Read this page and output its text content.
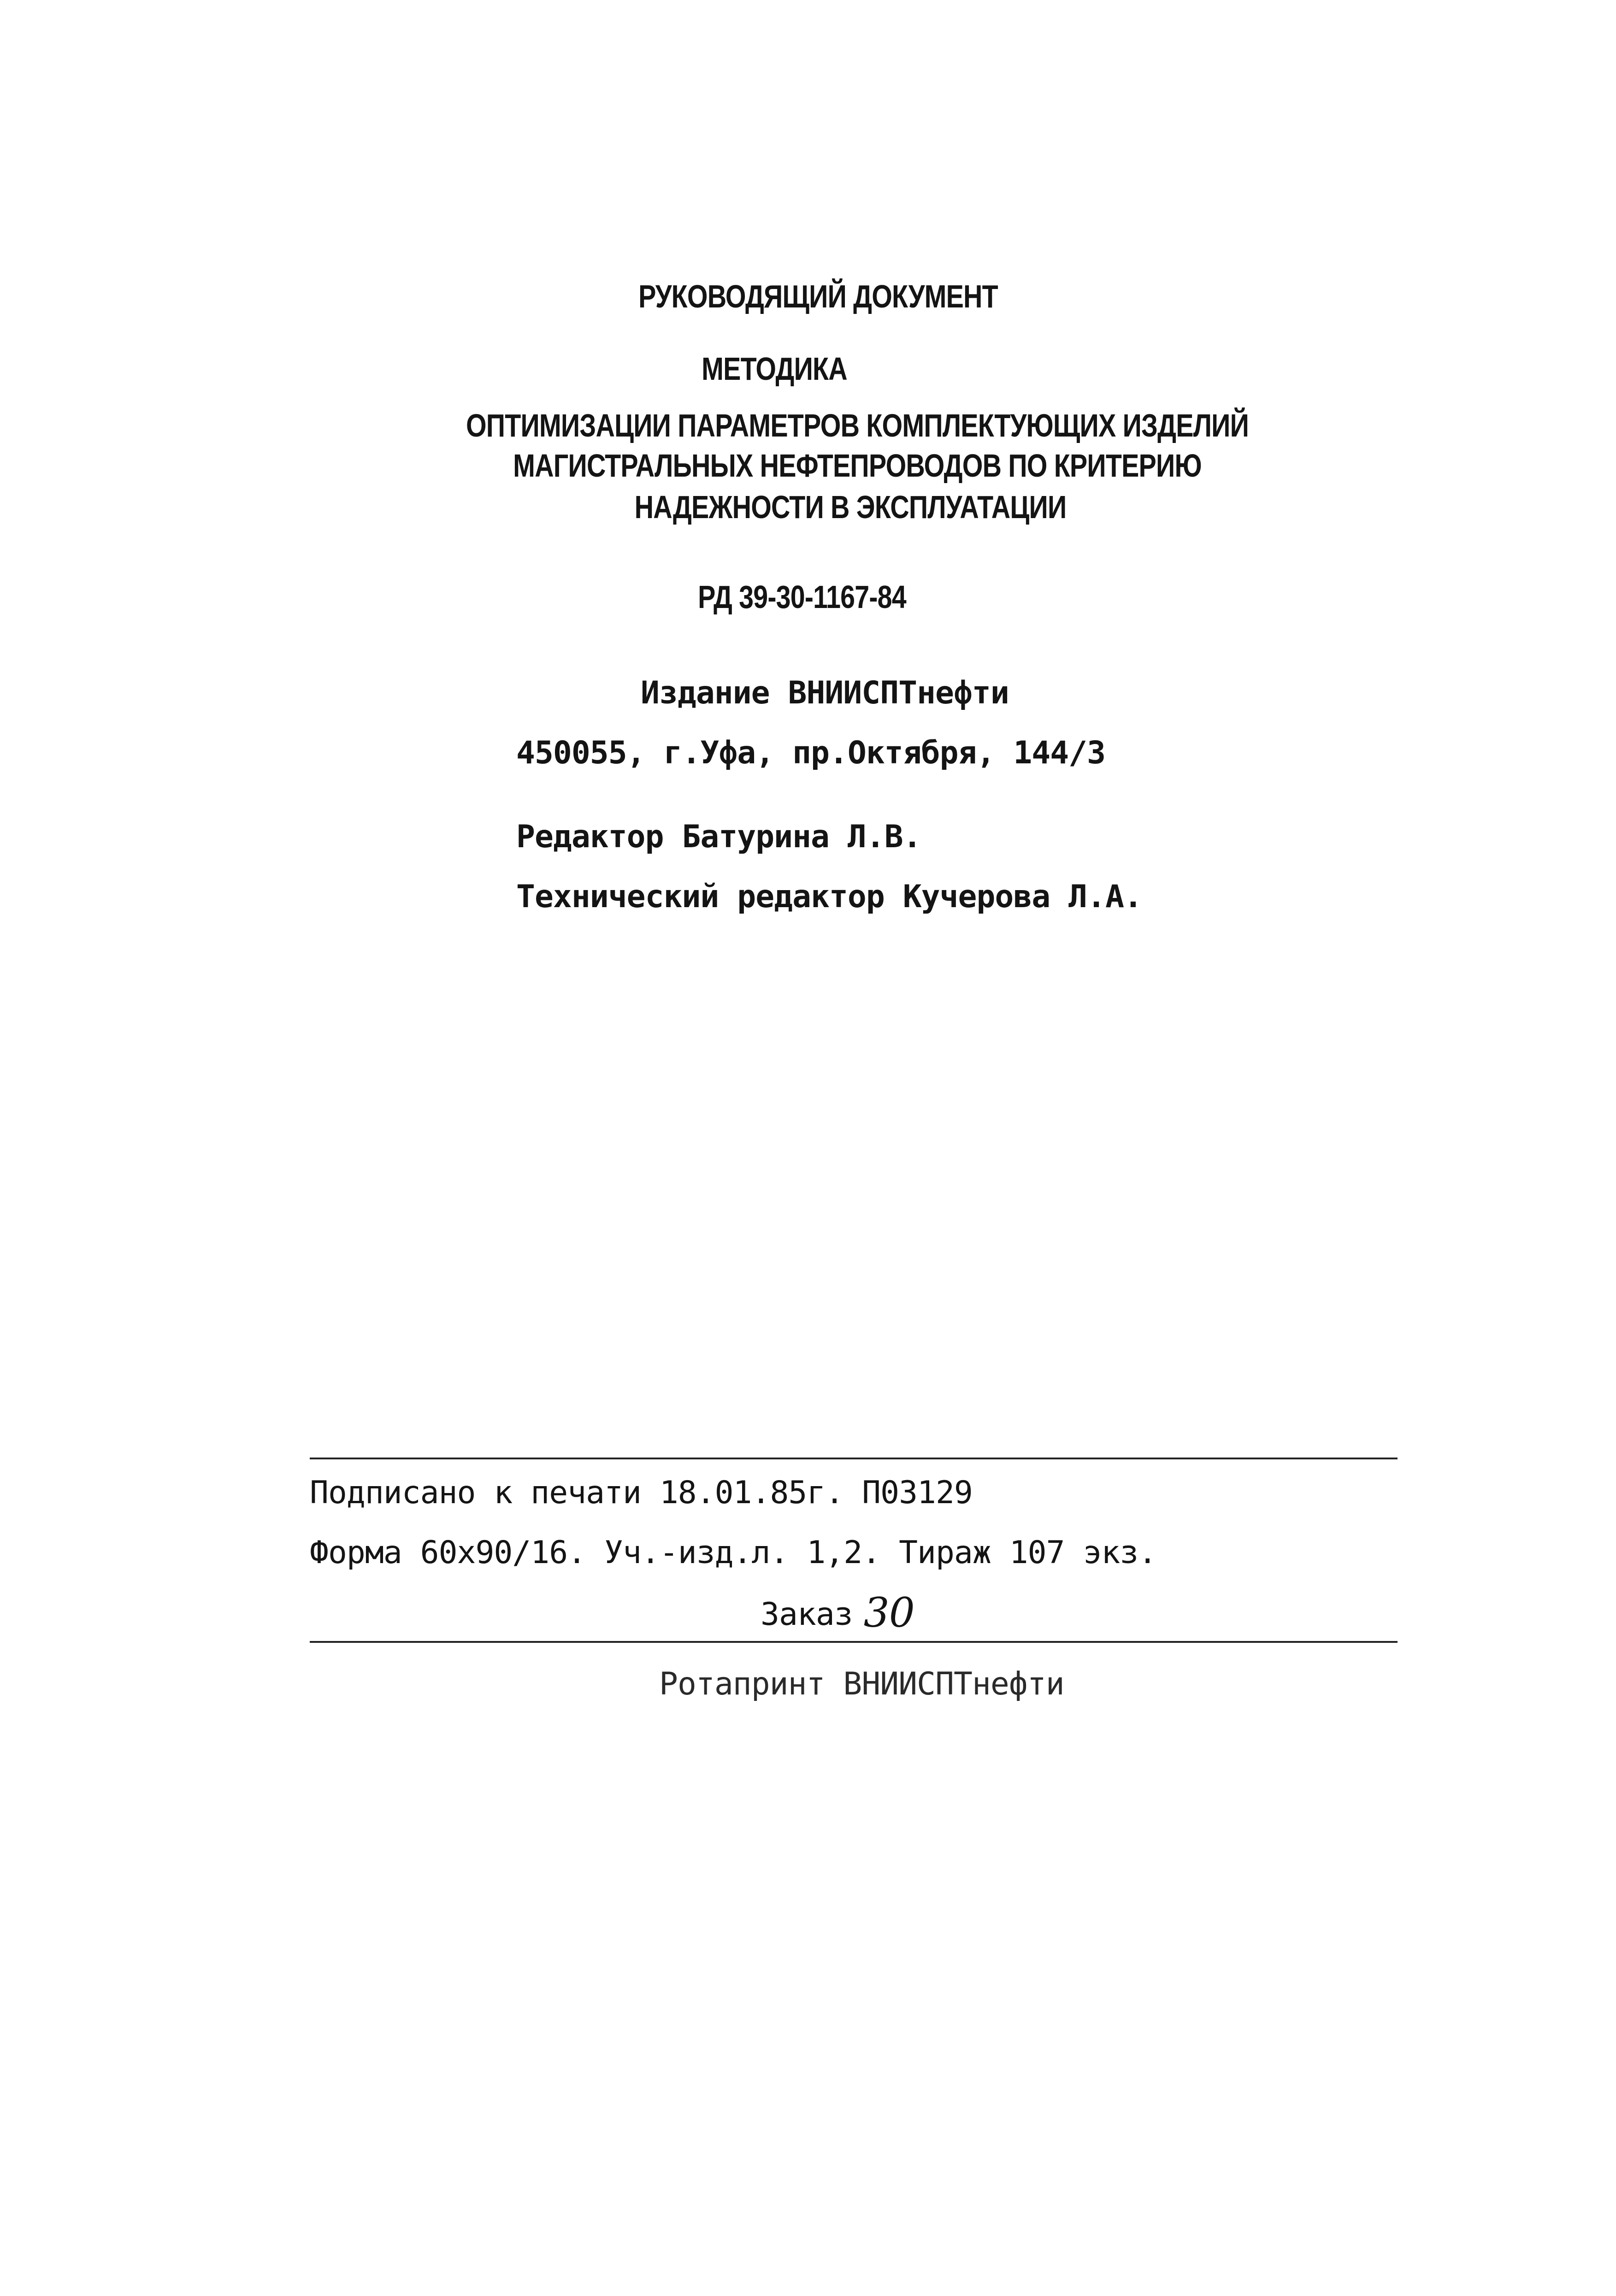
РУКОВОДЯЩИЙ ДОКУМЕНТ
МЕТОДИКА
ОПТИМИЗАЦИИ ПАРАМЕТРОВ КОМПЛЕКТУЮЩИХ ИЗДЕЛИЙ
МАГИСТРАЛЬНЫХ НЕФТЕПРОВОДОВ ПО КРИТЕРИЮ
НАДЕЖНОСТИ В ЭКСПЛУАТАЦИИ
РД 39-30-1167-84
Издание ВНИИСПТнефти
450055, г.Уфа, пр.Октября, 144/3
Редактор Батурина Л.В.
Технический редактор Кучерова Л.А.
Подписано к печати 18.01.85г. П03129
Форма 60x90/16. Уч.-изд.л. 1,2. Тираж 107 экз.
Заказ 30
Ротапринт ВНИИСПТнефти
